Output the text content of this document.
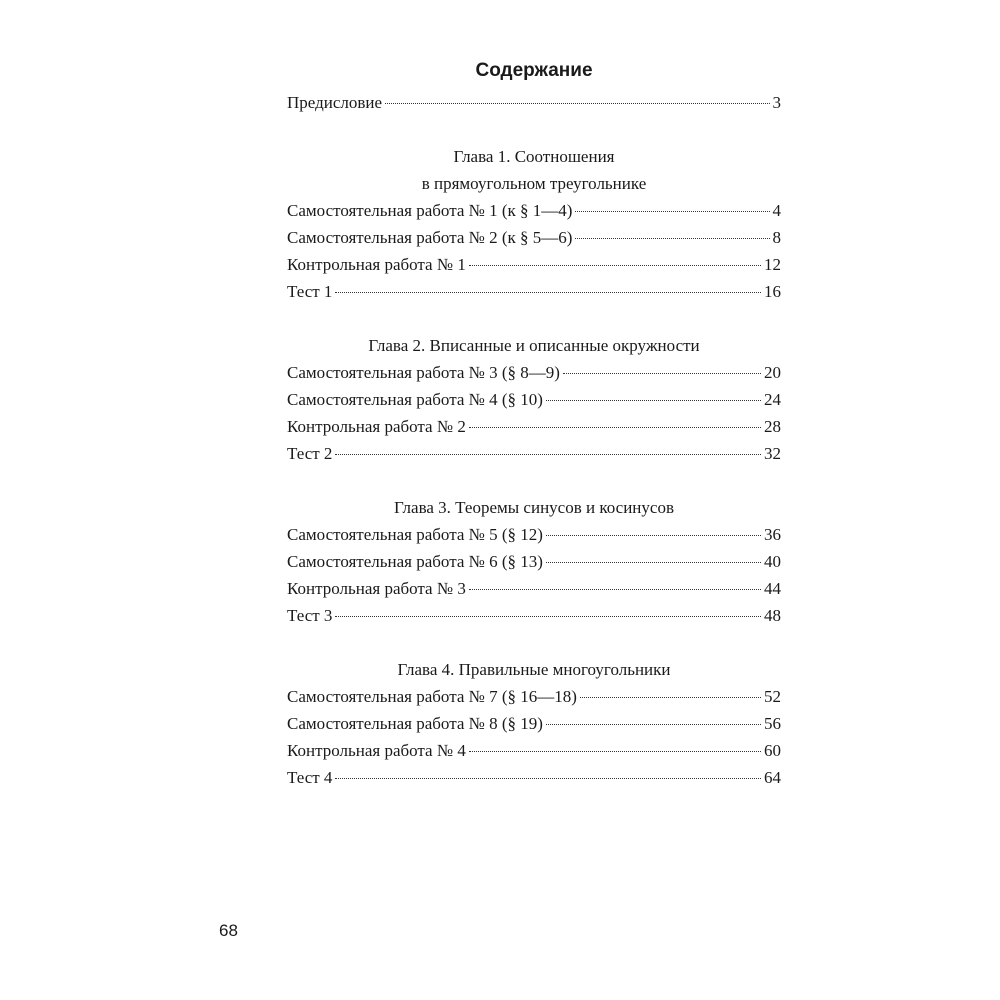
Содержание
Предисловие	3
Глава 1. Соотношения
в прямоугольном треугольнике
Самостоятельная работа № 1 (к § 1—4)	4
Самостоятельная работа № 2 (к § 5—6)	8
Контрольная работа № 1	12
Тест 1	16
Глава 2. Вписанные и описанные окружности
Самостоятельная работа № 3 (§ 8—9)	20
Самостоятельная работа № 4 (§ 10)	24
Контрольная работа № 2	28
Тест 2	32
Глава 3. Теоремы синусов и косинусов
Самостоятельная работа № 5 (§ 12)	36
Самостоятельная работа № 6 (§ 13)	40
Контрольная работа № 3	44
Тест 3	48
Глава 4. Правильные многоугольники
Самостоятельная работа № 7 (§ 16—18)	52
Самостоятельная работа № 8 (§ 19)	56
Контрольная работа № 4	60
Тест 4	64
68
